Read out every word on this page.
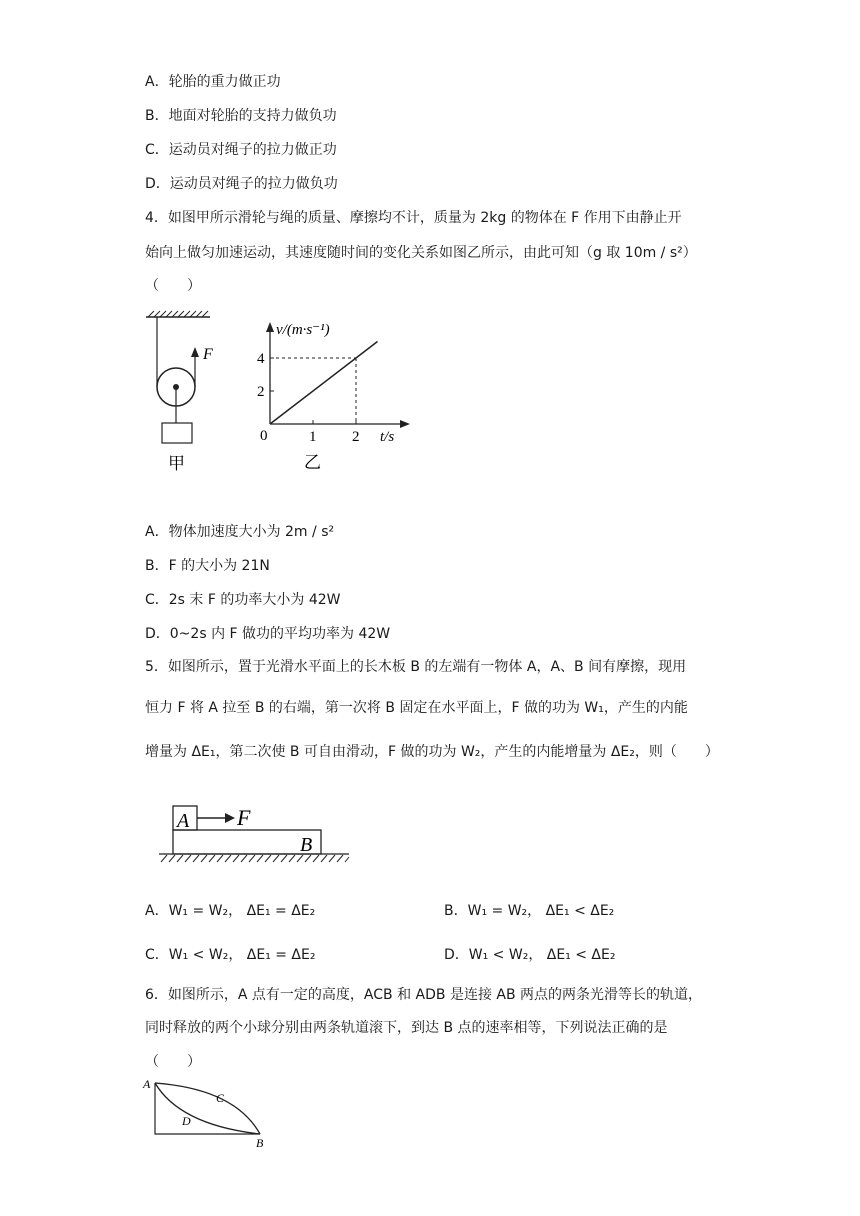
A．轮胎的重力做正功
B．地面对轮胎的支持力做负功
C．运动员对绳子的拉力做正功
D．运动员对绳子的拉力做负功
4．如图甲所示滑轮与绳的质量、摩擦均不计，质量为 2kg 的物体在 F 作用下由静止开
始向上做匀加速运动，其速度随时间的变化关系如图乙所示，由此可知（g 取 10m / s²）
（　　）
F
甲
1 2
2
4
v/(m·s⁻¹)
t/s
0
乙
A．物体加速度大小为 2m / s²
B．F 的大小为 21N
C．2s 末 F 的功率大小为 42W
D．0~2s 内 F 做功的平均功率为 42W
5．如图所示，置于光滑水平面上的长木板 B 的左端有一物体 A，A、B 间有摩擦，现用
恒力 F 将 A 拉至 B 的右端，第一次将 B 固定在水平面上，F 做的功为 W₁，产生的内能
增量为 ΔE₁，第二次使 B 可自由滑动，F 做的功为 W₂，产生的内能增量为 ΔE₂，则（　　）
A F
B
A．W₁ = W₂， ΔE₁ = ΔE₂	B．W₁ = W₂， ΔE₁ < ΔE₂
C．W₁ < W₂， ΔE₁ = ΔE₂	D．W₁ < W₂， ΔE₁ < ΔE₂
6．如图所示，A 点有一定的高度，ACB 和 ADB 是连接 AB 两点的两条光滑等长的轨道，
同时释放的两个小球分别由两条轨道滚下，到达 B 点的速率相等，下列说法正确的是
（　　）
A
B
C
D
